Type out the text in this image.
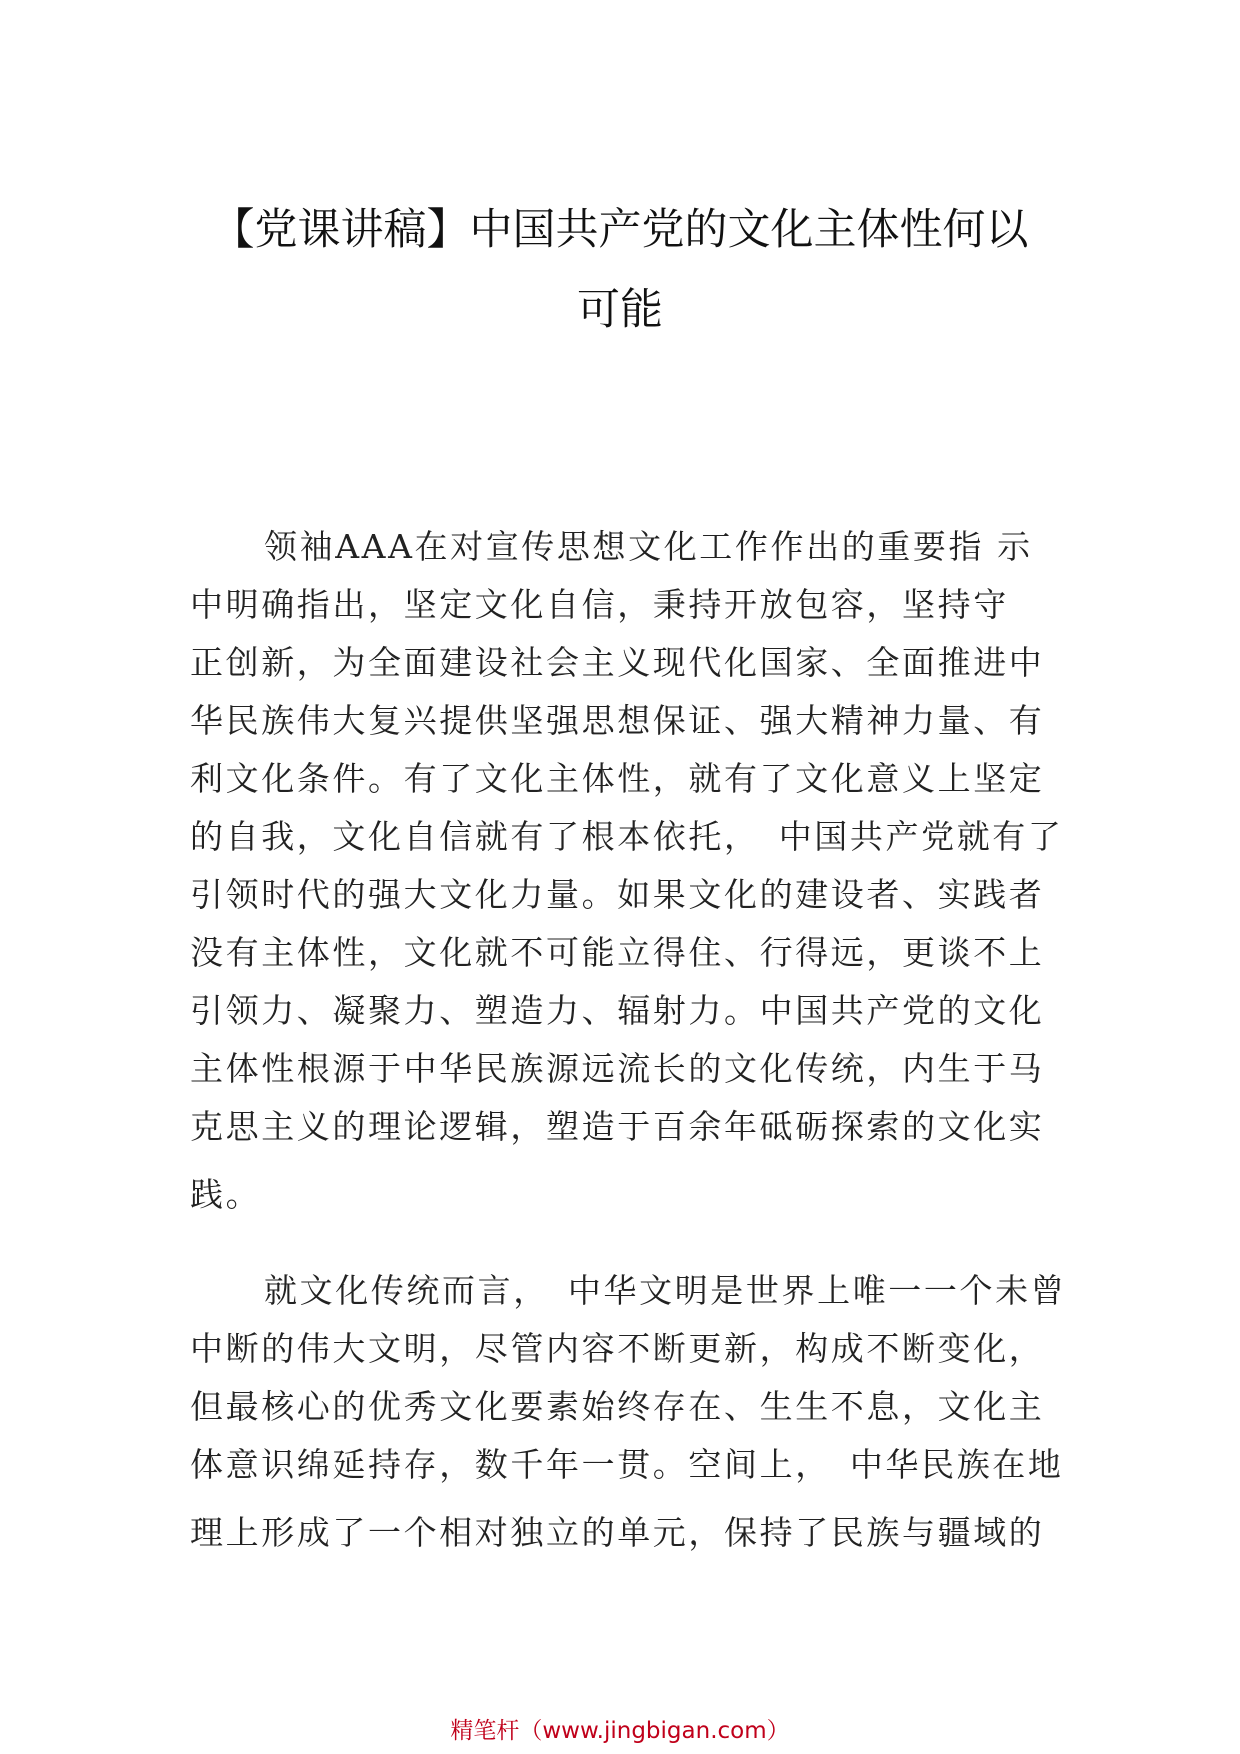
【党课讲稿】中国共产党的文化主体性何以
可能

领袖AAA在对宣传思想文化工作作出的重要指 示
中明确指出，坚定文化自信，秉持开放包容，坚持守
正创新，为全面建设社会主义现代化国家、全面推进中
华民族伟大复兴提供坚强思想保证、强大精神力量、有
利文化条件。有了文化主体性，就有了文化意义上坚定
的自我，文化自信就有了根本依托，　中国共产党就有了
引领时代的强大文化力量。如果文化的建设者、实践者
没有主体性，文化就不可能立得住、行得远，更谈不上
引领力、凝聚力、塑造力、辐射力。中国共产党的文化
主体性根源于中华民族源远流长的文化传统，内生于马
克思主义的理论逻辑，塑造于百余年砥砺探索的文化实
践。

就文化传统而言，　中华文明是世界上唯一一个未曾
中断的伟大文明，尽管内容不断更新，构成不断变化，
但最核心的优秀文化要素始终存在、生生不息，文化主
体意识绵延持存，数千年一贯。空间上，　中华民族在地
理上形成了一个相对独立的单元，保持了民族与疆域的

精笔杆（www.jingbigan.com）
